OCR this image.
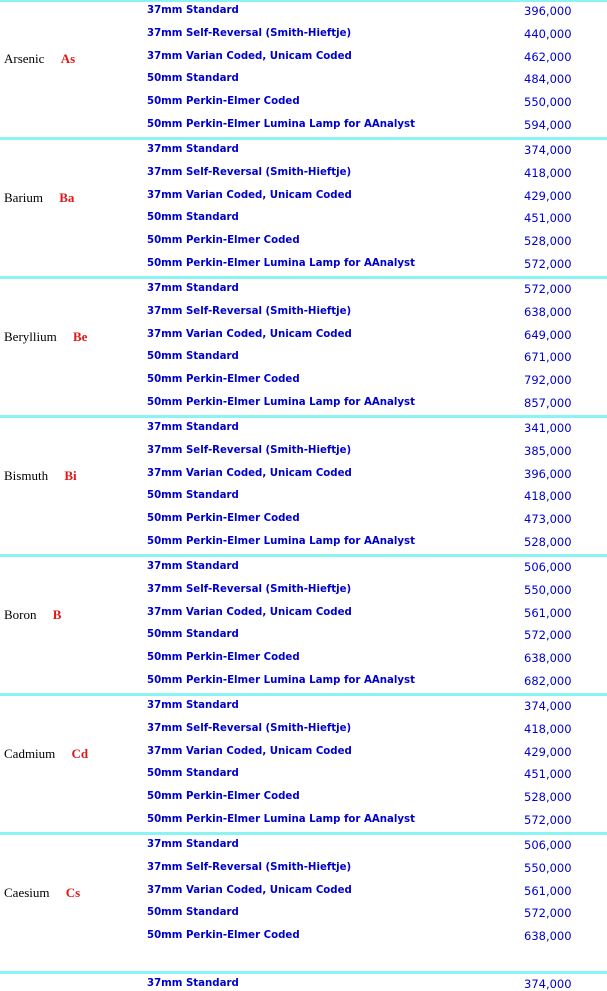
Arsenic As
37mm Standard	396,000
37mm Self-Reversal (Smith-Hieftje)	440,000
37mm Varian Coded, Unicam Coded	462,000
50mm Standard	484,000
50mm Perkin-Elmer Coded	550,000
50mm Perkin-Elmer Lumina Lamp for AAnalyst	594,000
Barium Ba
37mm Standard	374,000
37mm Self-Reversal (Smith-Hieftje)	418,000
37mm Varian Coded, Unicam Coded	429,000
50mm Standard	451,000
50mm Perkin-Elmer Coded	528,000
50mm Perkin-Elmer Lumina Lamp for AAnalyst	572,000
Beryllium Be
37mm Standard	572,000
37mm Self-Reversal (Smith-Hieftje)	638,000
37mm Varian Coded, Unicam Coded	649,000
50mm Standard	671,000
50mm Perkin-Elmer Coded	792,000
50mm Perkin-Elmer Lumina Lamp for AAnalyst	857,000
Bismuth Bi
37mm Standard	341,000
37mm Self-Reversal (Smith-Hieftje)	385,000
37mm Varian Coded, Unicam Coded	396,000
50mm Standard	418,000
50mm Perkin-Elmer Coded	473,000
50mm Perkin-Elmer Lumina Lamp for AAnalyst	528,000
Boron B
37mm Standard	506,000
37mm Self-Reversal (Smith-Hieftje)	550,000
37mm Varian Coded, Unicam Coded	561,000
50mm Standard	572,000
50mm Perkin-Elmer Coded	638,000
50mm Perkin-Elmer Lumina Lamp for AAnalyst	682,000
Cadmium Cd
37mm Standard	374,000
37mm Self-Reversal (Smith-Hieftje)	418,000
37mm Varian Coded, Unicam Coded	429,000
50mm Standard	451,000
50mm Perkin-Elmer Coded	528,000
50mm Perkin-Elmer Lumina Lamp for AAnalyst	572,000
Caesium Cs
37mm Standard	506,000
37mm Self-Reversal (Smith-Hieftje)	550,000
37mm Varian Coded, Unicam Coded	561,000
50mm Standard	572,000
50mm Perkin-Elmer Coded	638,000
37mm Standard	374,000
